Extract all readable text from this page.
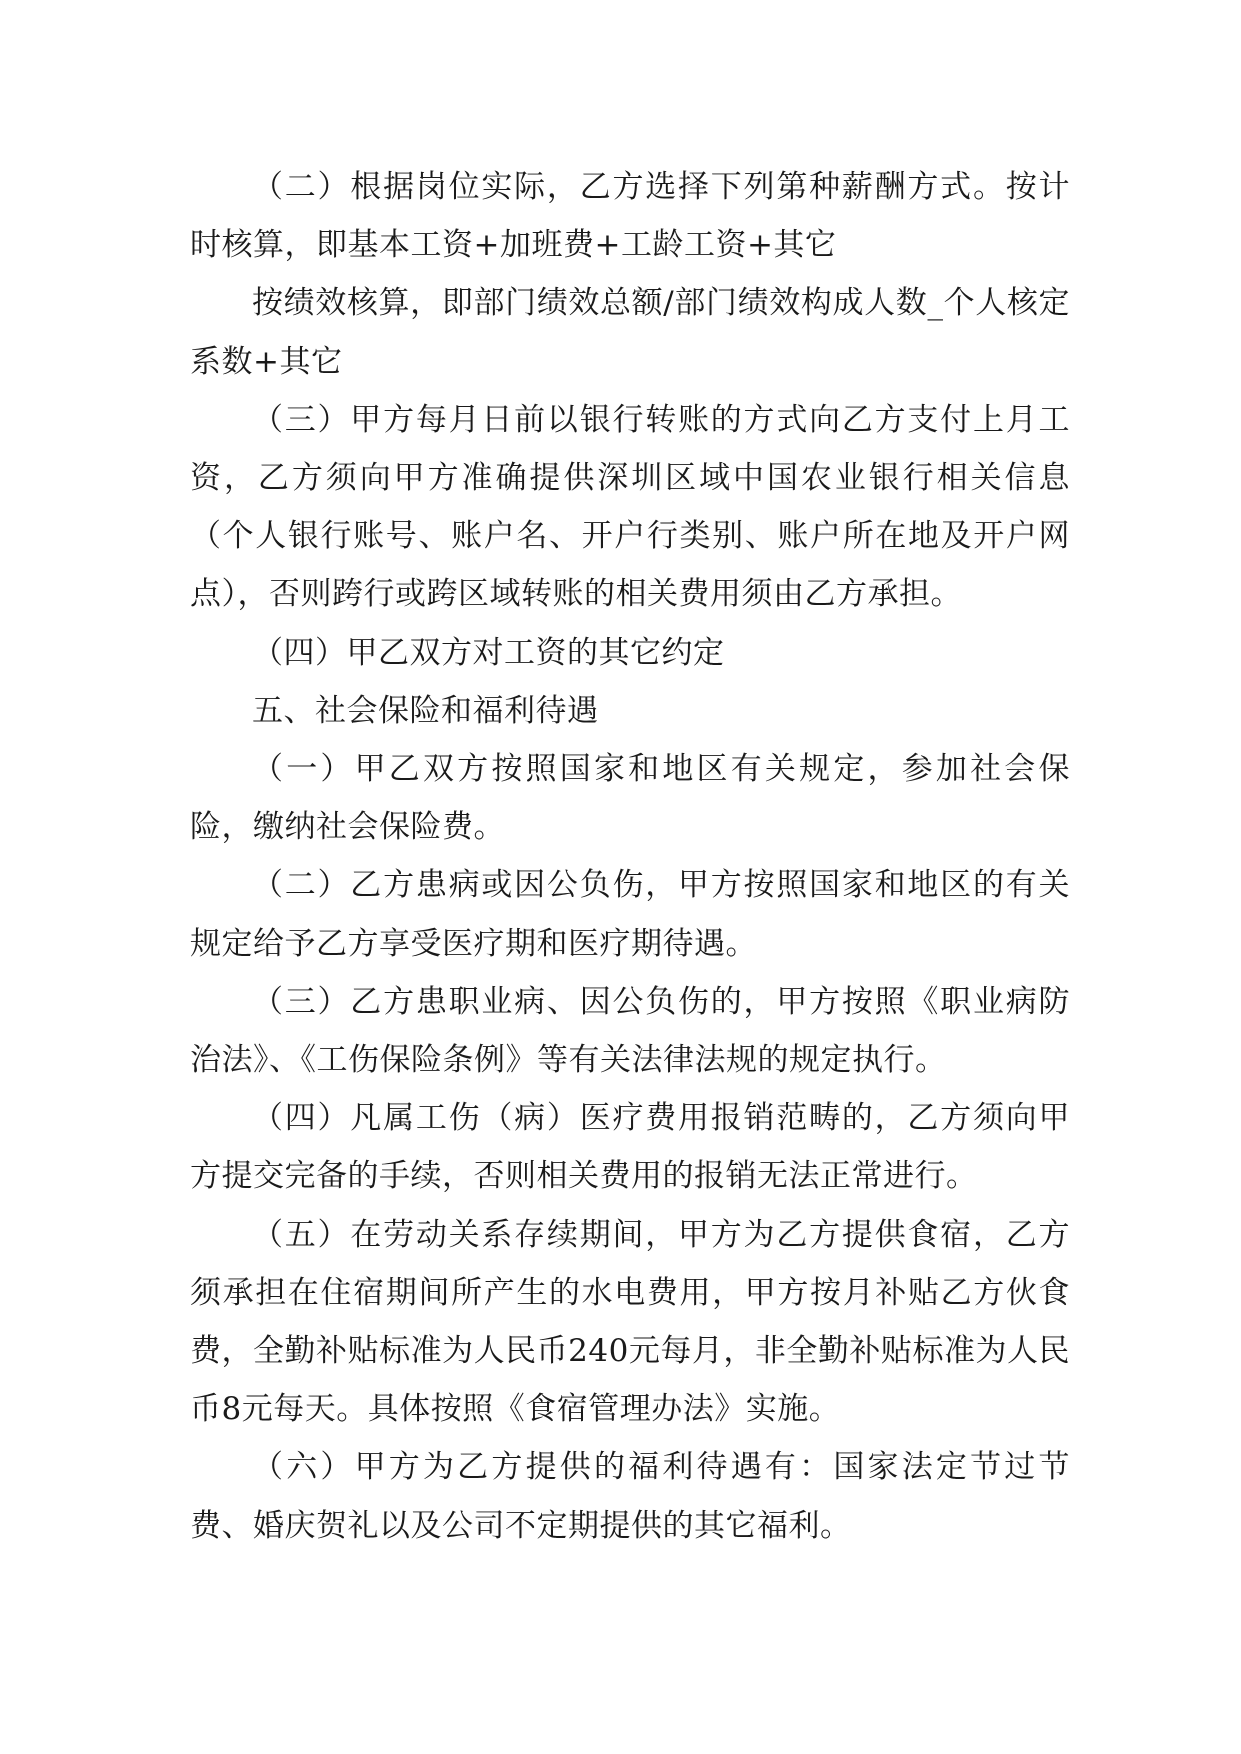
（二）根据岗位实际，乙方选择下列第种薪酬方式。按计时核算，即基本工资+加班费+工龄工资+其它

按绩效核算，即部门绩效总额/部门绩效构成人数_个人核定系数+其它

（三）甲方每月日前以银行转账的方式向乙方支付上月工资，乙方须向甲方准确提供深圳区域中国农业银行相关信息（个人银行账号、账户名、开户行类别、账户所在地及开户网点），否则跨行或跨区域转账的相关费用须由乙方承担。

（四）甲乙双方对工资的其它约定

五、社会保险和福利待遇

（一）甲乙双方按照国家和地区有关规定，参加社会保险，缴纳社会保险费。

（二）乙方患病或因公负伤，甲方按照国家和地区的有关规定给予乙方享受医疗期和医疗期待遇。

（三）乙方患职业病、因公负伤的，甲方按照《职业病防治法》、《工伤保险条例》等有关法律法规的规定执行。

（四）凡属工伤（病）医疗费用报销范畴的，乙方须向甲方提交完备的手续，否则相关费用的报销无法正常进行。

（五）在劳动关系存续期间，甲方为乙方提供食宿，乙方须承担在住宿期间所产生的水电费用，甲方按月补贴乙方伙食费，全勤补贴标准为人民币240元每月，非全勤补贴标准为人民币8元每天。具体按照《食宿管理办法》实施。

（六）甲方为乙方提供的福利待遇有：国家法定节过节费、婚庆贺礼以及公司不定期提供的其它福利。
